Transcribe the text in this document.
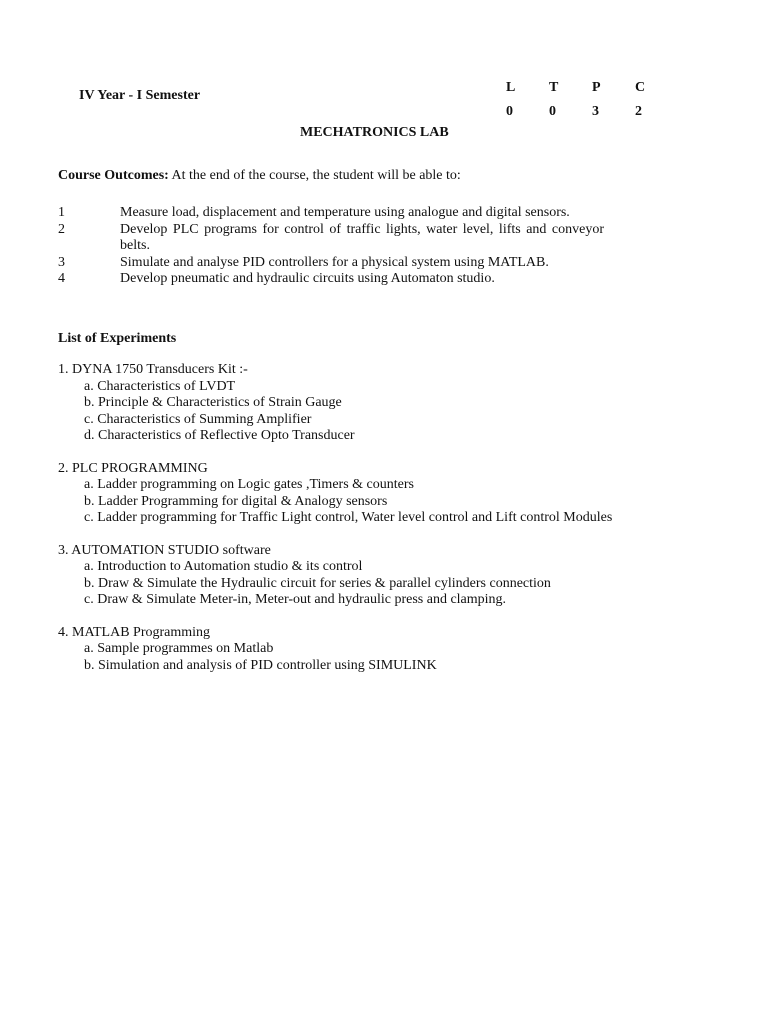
IV Year - I Semester
L	T	P	C
0	0	3	2
MECHATRONICS LAB
Course Outcomes: At the end of the course, the student will be able to:
1	Measure load, displacement and temperature using analogue and digital sensors.
2	Develop PLC programs for control of traffic lights, water level, lifts and conveyor belts.
3	Simulate and analyse PID controllers for a physical system using MATLAB.
4	Develop pneumatic and hydraulic circuits using Automaton studio.
List of Experiments
1. DYNA 1750 Transducers Kit :-
a. Characteristics of LVDT
b. Principle & Characteristics of Strain Gauge
c. Characteristics of Summing Amplifier
d. Characteristics of Reflective Opto Transducer
2. PLC PROGRAMMING
a. Ladder programming on Logic gates ,Timers & counters
b. Ladder Programming for digital & Analogy sensors
c. Ladder programming for Traffic Light control, Water level control and Lift control Modules
3. AUTOMATION STUDIO software
a. Introduction to Automation studio & its control
b. Draw & Simulate the Hydraulic circuit for series & parallel cylinders connection
c. Draw & Simulate Meter-in, Meter-out and hydraulic press and clamping.
4. MATLAB Programming
a. Sample programmes on Matlab
b. Simulation and analysis of PID controller using SIMULINK
